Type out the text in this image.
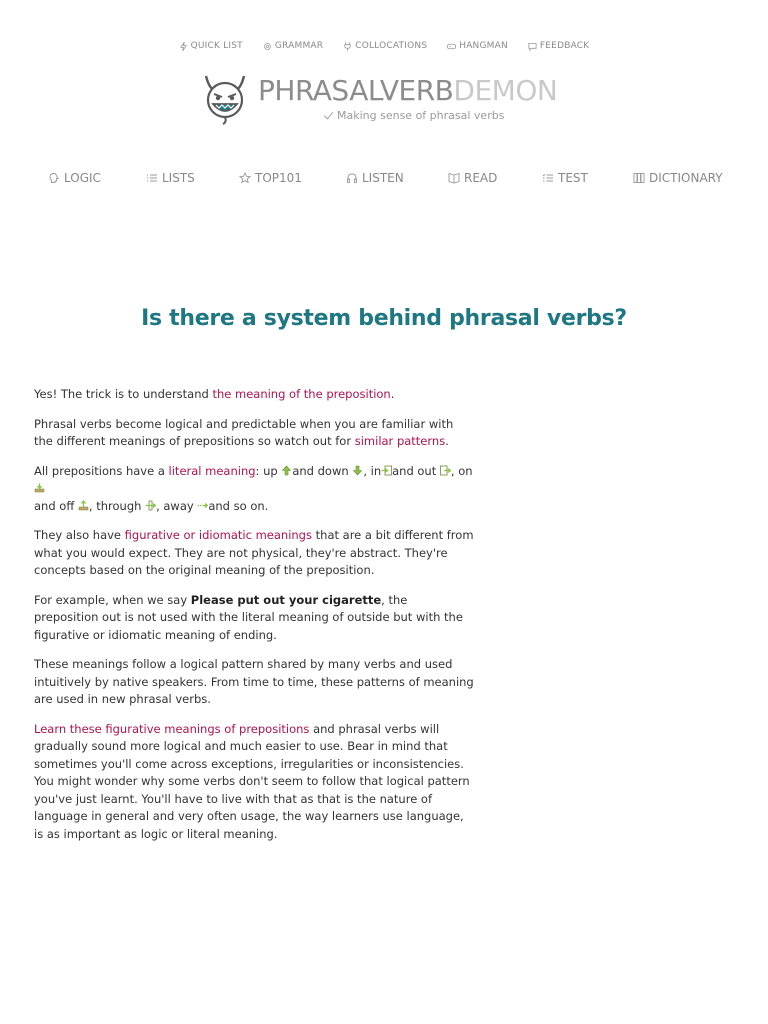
QUICK LIST	GRAMMAR	COLLOCATIONS	HANGMAN	FEEDBACK
PHRASALVERBDEMON
Making sense of phrasal verbs
LOGIC	LISTS	TOP101	LISTEN	READ	TEST	DICTIONARY
Is there a system behind phrasal verbs?

Yes! The trick is to understand the meaning of the preposition.

Phrasal verbs become logical and predictable when you are familiar with the different meanings of prepositions so watch out for similar patterns.

All prepositions have a literal meaning: up and down , in and out , on
and off , through , away and so on.

They also have figurative or idiomatic meanings that are a bit different from what you would expect. They are not physical, they're abstract. They're concepts based on the original meaning of the preposition.

For example, when we say Please put out your cigarette, the preposition out is not used with the literal meaning of outside but with the figurative or idiomatic meaning of ending.

These meanings follow a logical pattern shared by many verbs and used intuitively by native speakers. From time to time, these patterns of meaning are used in new phrasal verbs.

Learn these figurative meanings of prepositions and phrasal verbs will gradually sound more logical and much easier to use. Bear in mind that sometimes you'll come across exceptions, irregularities or inconsistencies. You might wonder why some verbs don't seem to follow that logical pattern you've just learnt. You'll have to live with that as that is the nature of language in general and very often usage, the way learners use language, is as important as logic or literal meaning.
